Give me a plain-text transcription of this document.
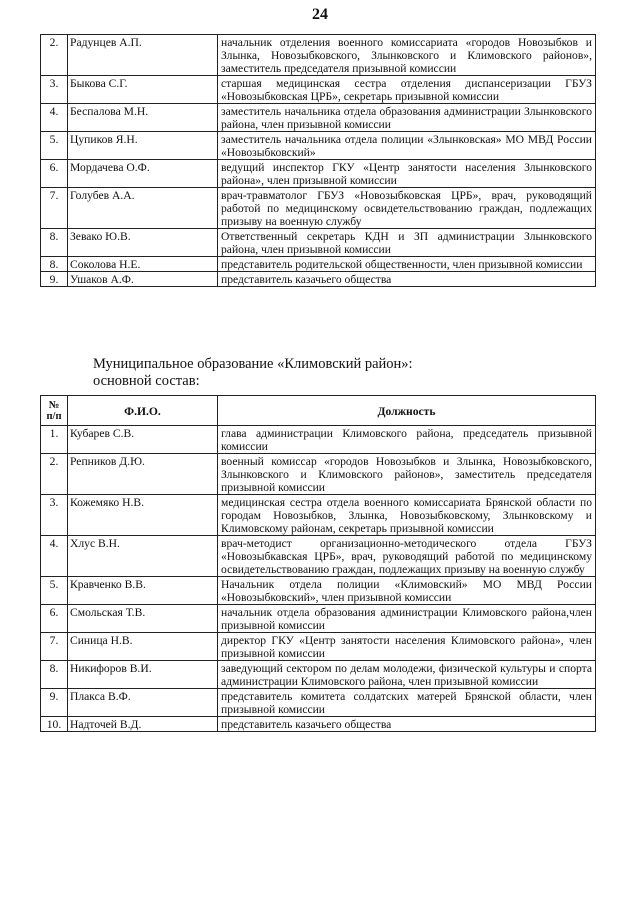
24
2.	Радунцев А.П.	начальник отделения военного комиссариата «городов Новозыбков и Злынка, Новозыбковского, Злынковского и Климовского районов», заместитель председателя призывной комиссии
3.	Быкова С.Г.	старшая медицинская сестра отделения диспансеризации ГБУЗ «Новозыбковская ЦРБ», секретарь призывной комиссии
4.	Беспалова М.Н.	заместитель начальника отдела образования администрации Злынковского района, член призывной комиссии
5.	Цупиков Я.Н.	заместитель начальника отдела полиции «Злынковская» МО МВД России «Новозыбковский»
6.	Мордачева О.Ф.	ведущий инспектор ГКУ «Центр занятости населения Злынковского района», член призывной комиссии
7.	Голубев А.А.	врач-травматолог ГБУЗ «Новозыбковская ЦРБ», врач, руководящий работой по медицинскому освидетельствованию граждан, подлежащих призыву на военную службу
8.	Зевако Ю.В.	Ответственный секретарь КДН и ЗП администрации Злынковского района, член призывной комиссии
8.	Соколова Н.Е.	представитель родительской общественности, член призывной комиссии
9.	Ушаков А.Ф.	представитель казачьего общества
Муниципальное образование «Климовский район»:
основной состав:
№ п/п	Ф.И.О.	Должность
1.	Кубарев С.В.	глава администрации Климовского района, председатель призывной комиссии
2.	Репников Д.Ю.	военный комиссар «городов Новозыбков и Злынка, Новозыбковского, Злынковского и Климовского районов», заместитель председателя призывной комиссии
3.	Кожемяко Н.В.	медицинская сестра отдела военного комиссариата Брянской области по городам Новозыбков, Злынка, Новозыбковскому, Злынковскому и Климовскому районам, секретарь призывной комиссии
4.	Хлус В.Н.	врач-методист организационно-методического отдела ГБУЗ «Новозыбкавская ЦРБ», врач, руководящий работой по медицинскому освидетельствованию граждан, подлежащих призыву на военную службу
5.	Кравченко В.В.	Начальник отдела полиции «Климовский» МО МВД России «Новозыбковский», член призывной комиссии
6.	Смольская Т.В.	начальник отдела образования администрации Климовского района,член призывной комиссии
7.	Синица Н.В.	директор ГКУ «Центр занятости населения Климовского района», член призывной комиссии
8.	Никифоров В.И.	заведующий сектором по делам молодежи, физической культуры и спорта администрации Климовского района, член призывной комиссии
9.	Плакса В.Ф.	представитель комитета солдатских матерей Брянской области, член призывной комиссии
10.	Надточей В.Д.	представитель казачьего общества
